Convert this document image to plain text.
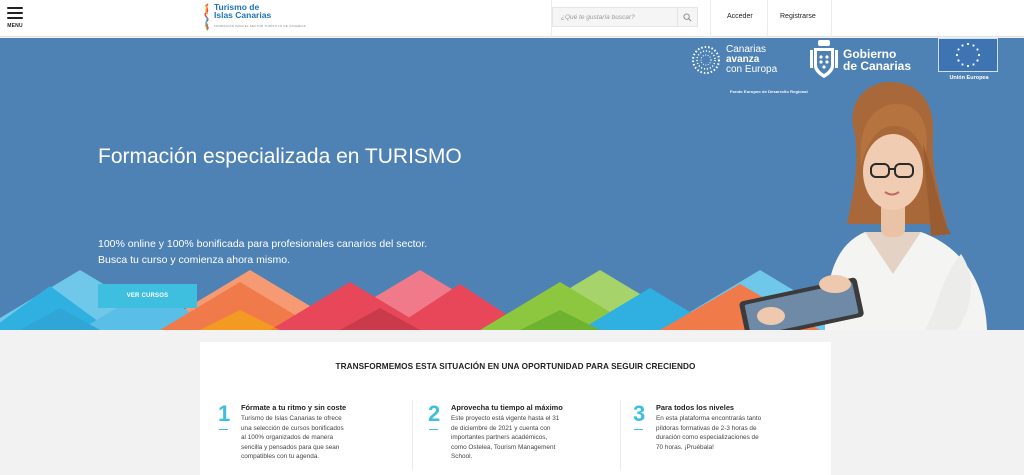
MENU
Turismo de
Islas Canarias
FORMACIÓN PARA EL SECTOR TURÍSTICO DE CANARIAS
¿Qué te gustaría buscar?
Acceder	Registrarse
Formación especializada en TURISMO
100% online y 100% bonificada para profesionales canarios del sector.
Busca tu curso y comienza ahora mismo.
VER CURSOS
Canarias
avanza
con Europa
Fondo Europeo de Desarrollo Regional
Gobierno
de Canarias
Unión Europea
TRANSFORMEMOS ESTA SITUACIÓN EN UNA OPORTUNIDAD PARA SEGUIR CRECIENDO
1 Fórmate a tu ritmo y sin coste
Turismo de Islas Canarias te ofrece
una selección de cursos bonificados
al 100% organizados de manera
sencilla y pensados para que sean
compatibles con tu agenda.
2 Aprovecha tu tiempo al máximo
Este proyecto está vigente hasta el 31
de diciembre de 2021 y cuenta con
importantes partners académicos,
como Ostelea, Tourism Management
School.
3 Para todos los niveles
En esta plataforma encontrarás tanto
píldoras formativas de 2-3 horas de
duración como especializaciones de
70 horas. ¡Pruébala!
